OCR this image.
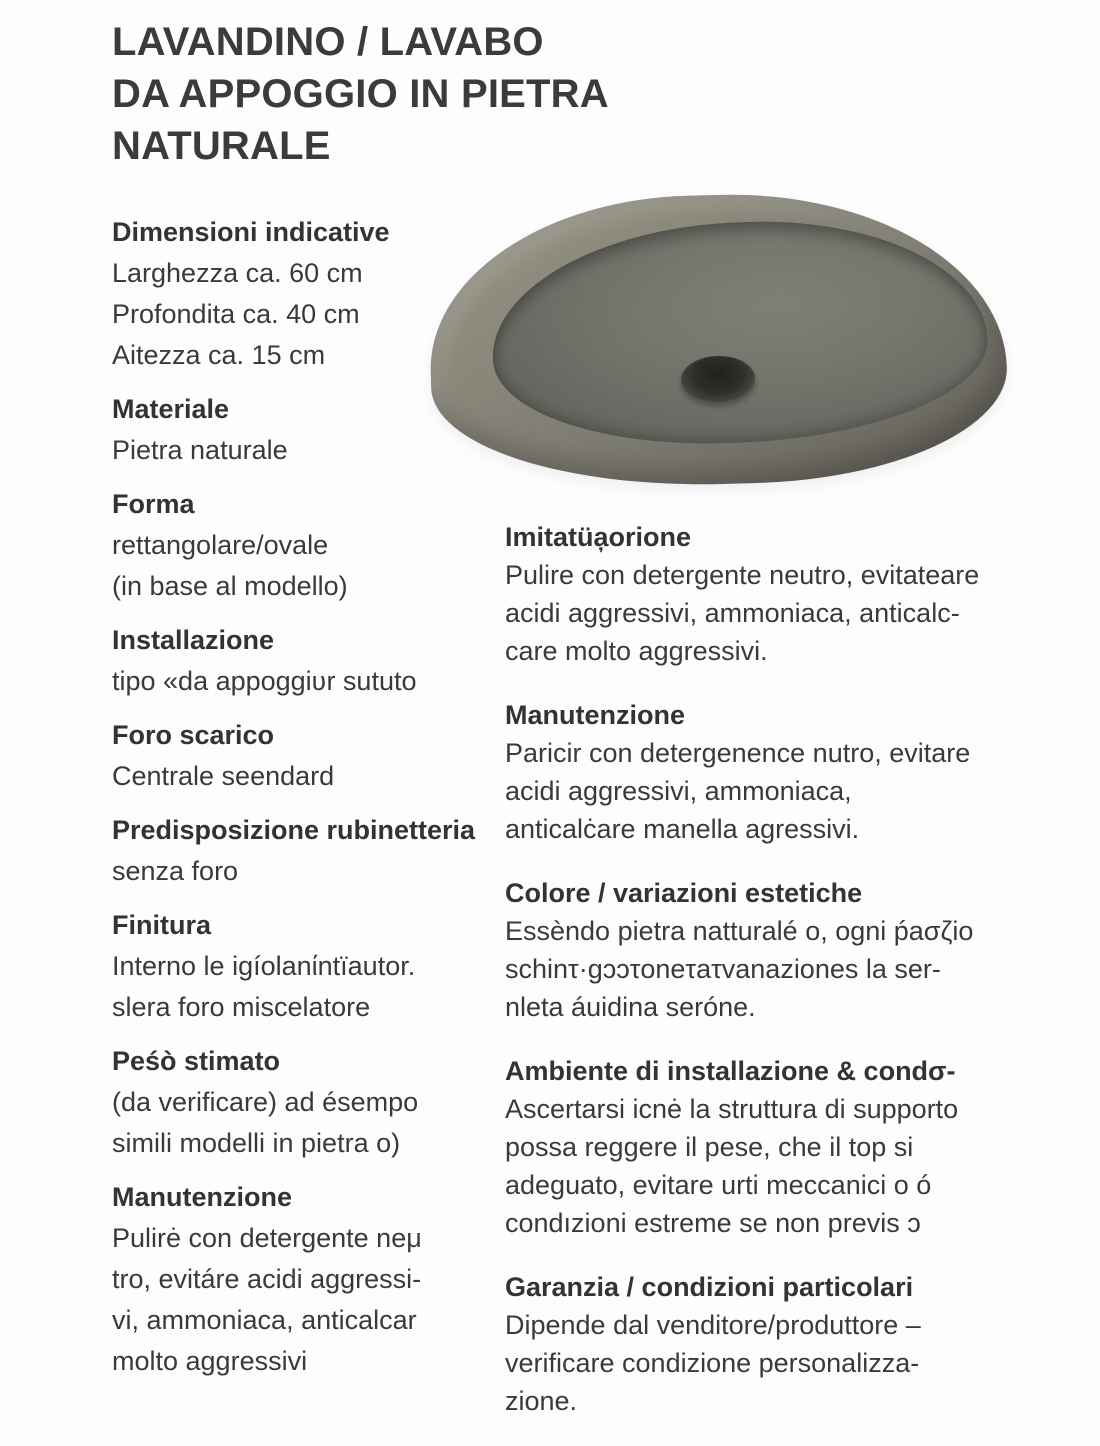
LAVANDINO / LAVABO
DA APPOGGIO IN PIETRA
NATURALE
Dimensioni indicative
Larghezza ca. 60 cm
Profondita ca. 40 cm
Aitezza ca. 15 cm
Materiale
Pietra naturale
Forma
rettangolare/ovale
(in base al modello)
Installazione
tipo «da appoggiʋr sututo
Foro scarico
Centrale seendard
Predisposizione rubinetteria
senza foro
Finitura
Interno le igíolanίntïautor.
slera foro miscelatore
Peśò stimato
(da verificare) ad ésempo
simili modelli in pietra o)
Manutenzione
Pulirė con detergente neμ
tro, evitáre acidi aggressi-
vi, ammoniaca, anticalcar
molto aggressivi
Imitatüa̦orione
Pulire con detergente neutro, evitateare
acidi aggressivi, ammoniaca, anticalc-
care molto aggressivi.
Manutenzione
Paricir con detergenence nutro, evitare
acidi aggressivi, ammoniaca,
anticalċare manella agressivi.
Colore / variazioni estetiche
Essèndo pietra natturalé o, ogni ṕaσζio
schinτ·gɔɔτoneτaτvanaziones la ser-
nleta áuidina seróne.
Ambiente di installazione & condσ-
Ascertarsi icnė la struttura di supporto
possa reggere il pese, che il top si
adeguato, evitare urti meccanici o ó
condızioni estreme se non previs ɔ
Garanzia / condizioni particolari
Dipende dal venditore/produttore –
verificare condizione personalizza-
zione.
